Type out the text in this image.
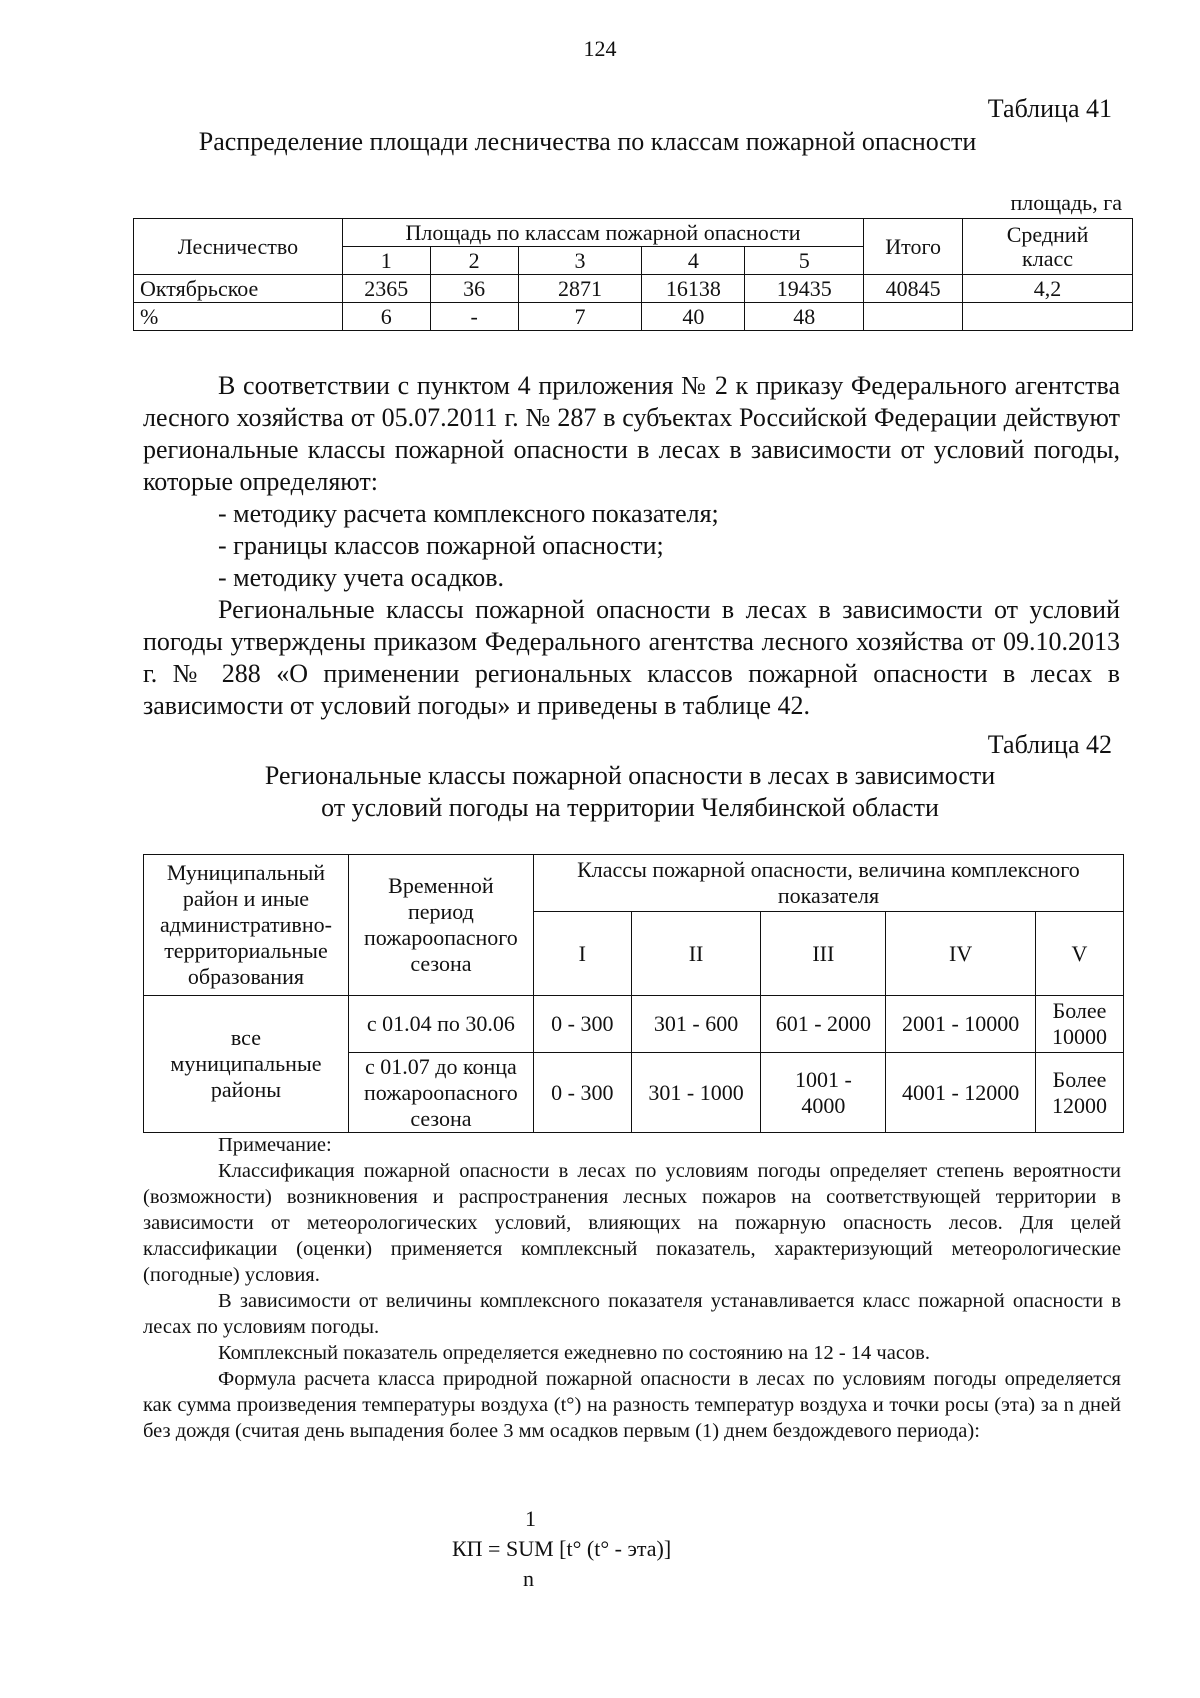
124
Таблица 41
Распределение площади лесничества по классам пожарной опасности
площадь, га
Лесничество	Площадь по классам пожарной опасности					Итого	Средний класс
	1	2	3	4	5		
Октябрьское	2365	36	2871	16138	19435	40845	4,2
%	6	-	7	40	48		

В соответствии с пунктом 4 приложения № 2 к приказу Федерального агентства лесного хозяйства от 05.07.2011 г. № 287 в субъектах Российской Федерации действуют региональные классы пожарной опасности в лесах в зависимости от условий погоды, которые определяют:

- методику расчета комплексного показателя;

- границы классов пожарной опасности;

- методику учета осадков.

Региональные классы пожарной опасности в лесах в зависимости от условий погоды утверждены приказом Федерального агентства лесного хозяйства от 09.10.2013 г. № 288 «О применении региональных классов пожарной опасности в лесах в зависимости от условий погоды» и приведены в таблице 42.

Таблица 42
Региональные классы пожарной опасности в лесах в зависимости
от условий погоды на территории Челябинской области
Муниципальный район и иные административно-территориальные образования	Временной период пожароопасного сезона	Классы пожарной опасности, величина комплексного показателя				
		I	II	III	IV	V
все муниципальные районы	с 01.04 по 30.06	0 - 300	301 - 600	601 - 2000	2001 - 10000	Более 10000
	с 01.07 до конца пожароопасного сезона	0 - 300	301 - 1000	1001 - 4000	4001 - 12000	Более 12000

Примечание:

Классификация пожарной опасности в лесах по условиям погоды определяет степень вероятности (возможности) возникновения и распространения лесных пожаров на соответствующей территории в зависимости от метеорологических условий, влияющих на пожарную опасность лесов. Для целей классификации (оценки) применяется комплексный показатель, характеризующий метеорологические (погодные) условия.

В зависимости от величины комплексного показателя устанавливается класс пожарной опасности в лесах по условиям погоды.

Комплексный показатель определяется ежедневно по состоянию на 12 - 14 часов.

Формула расчета класса природной пожарной опасности в лесах по условиям погоды определяется как сумма произведения температуры воздуха (t°) на разность температур воздуха и точки росы (эта) за n дней без дождя (считая день выпадения более 3 мм осадков первым (1) днем бездождевого периода):

1
КП = SUM [t° (t° - эта)]
n
